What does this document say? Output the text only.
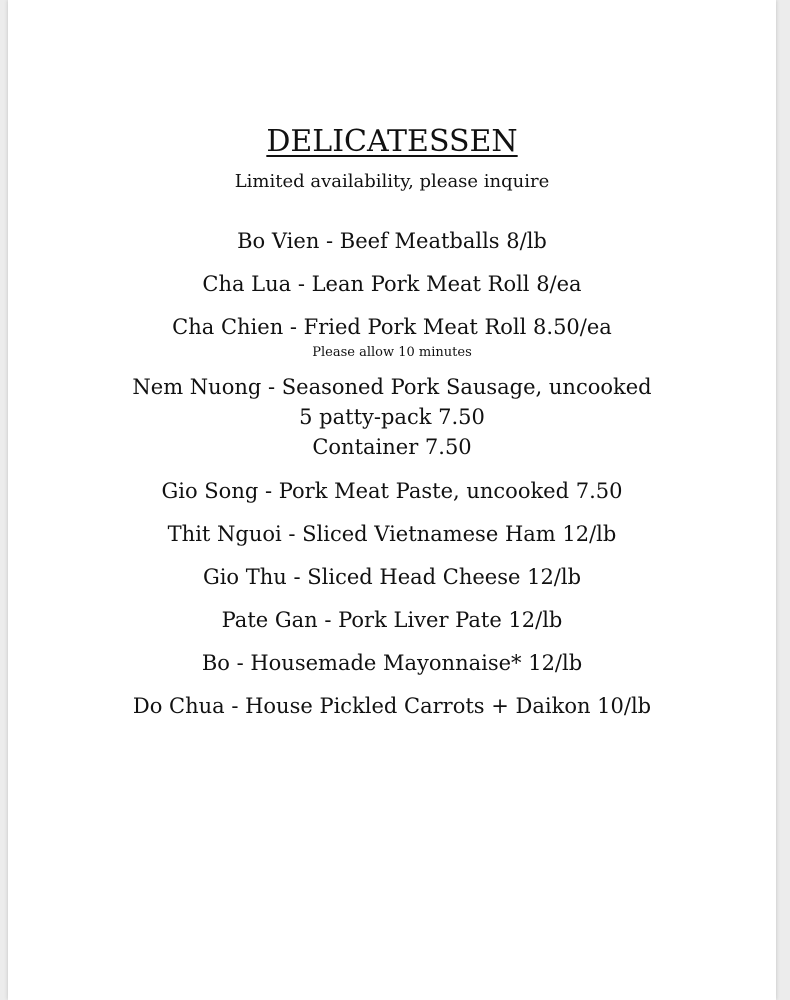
DELICATESSEN
Limited availability, please inquire
Bo Vien - Beef Meatballs 8/lb
Cha Lua - Lean Pork Meat Roll 8/ea
Cha Chien - Fried Pork Meat Roll 8.50/ea
Please allow 10 minutes
Nem Nuong - Seasoned Pork Sausage, uncooked
5 patty-pack 7.50
Container 7.50
Gio Song - Pork Meat Paste, uncooked 7.50
Thit Nguoi - Sliced Vietnamese Ham 12/lb
Gio Thu - Sliced Head Cheese 12/lb
Pate Gan - Pork Liver Pate 12/lb
Bo - Housemade Mayonnaise* 12/lb
Do Chua - House Pickled Carrots + Daikon 10/lb
